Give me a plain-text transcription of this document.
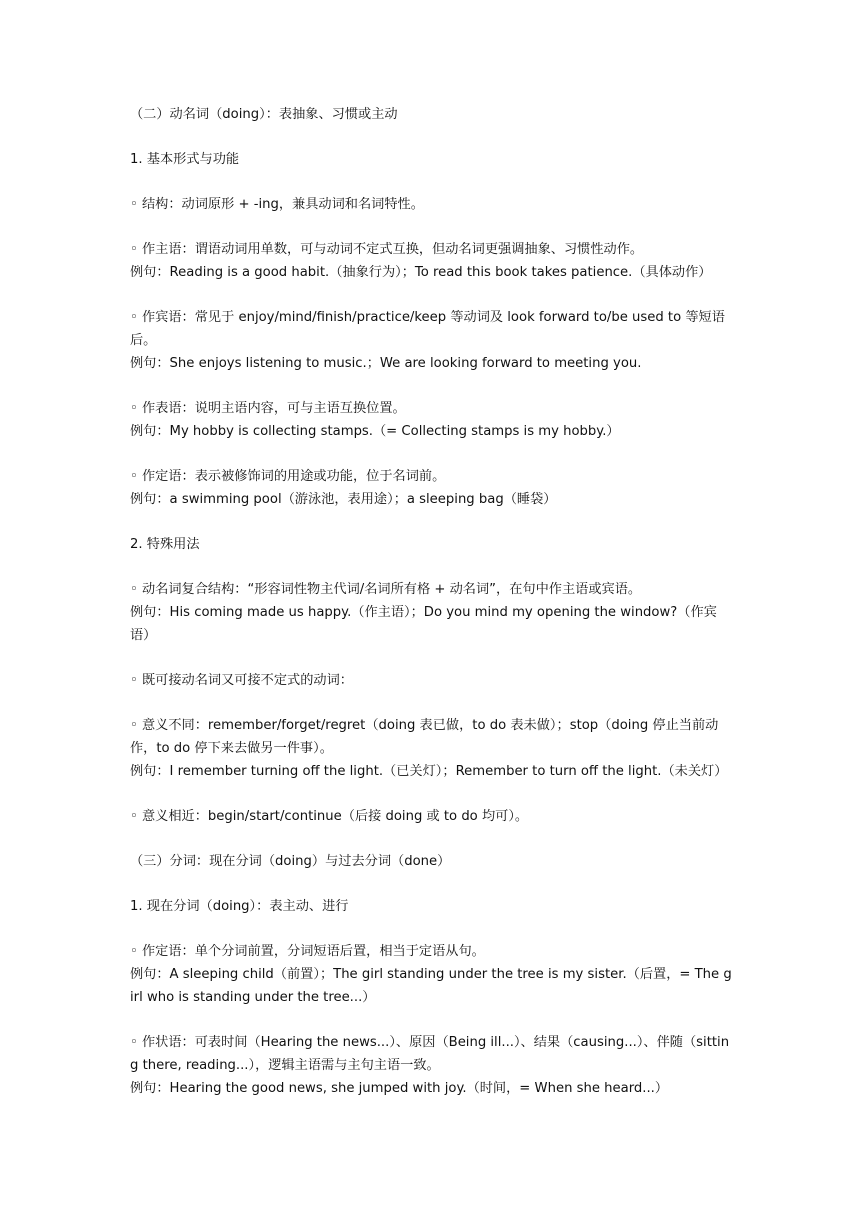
（二）动名词（doing）：表抽象、习惯或主动

1. 基本形式与功能

◦ 结构：动词原形 + -ing，兼具动词和名词特性。

◦ 作主语：谓语动词用单数，可与动词不定式互换，但动名词更强调抽象、习惯性动作。

例句：Reading is a good habit.（抽象行为）；To read this book takes patience.（具体动作）

◦ 作宾语：常见于 enjoy/mind/finish/practice/keep 等动词及 look forward to/be used to 等短语后。

例句：She enjoys listening to music.；We are looking forward to meeting you.

◦ 作表语：说明主语内容，可与主语互换位置。

例句：My hobby is collecting stamps.（= Collecting stamps is my hobby.）

◦ 作定语：表示被修饰词的用途或功能，位于名词前。

例句：a swimming pool（游泳池，表用途）；a sleeping bag（睡袋）

2. 特殊用法

◦ 动名词复合结构：“形容词性物主代词/名词所有格 + 动名词”，在句中作主语或宾语。

例句：His coming made us happy.（作主语）；Do you mind my opening the window?（作宾语）

◦ 既可接动名词又可接不定式的动词：

◦ 意义不同：remember/forget/regret（doing 表已做，to do 表未做）；stop（doing 停止当前动作，to do 停下来去做另一件事）。

例句：I remember turning off the light.（已关灯）；Remember to turn off the light.（未关灯）

◦ 意义相近：begin/start/continue（后接 doing 或 to do 均可）。

（三）分词：现在分词（doing）与过去分词（done）

1. 现在分词（doing）：表主动、进行

◦ 作定语：单个分词前置，分词短语后置，相当于定语从句。

例句：A sleeping child（前置）；The girl standing under the tree is my sister.（后置，= The girl who is standing under the tree...）

◦ 作状语：可表时间（Hearing the news...）、原因（Being ill...）、结果（causing...）、伴随（sitting there, reading...），逻辑主语需与主句主语一致。

例句：Hearing the good news, she jumped with joy.（时间，= When she heard...）
